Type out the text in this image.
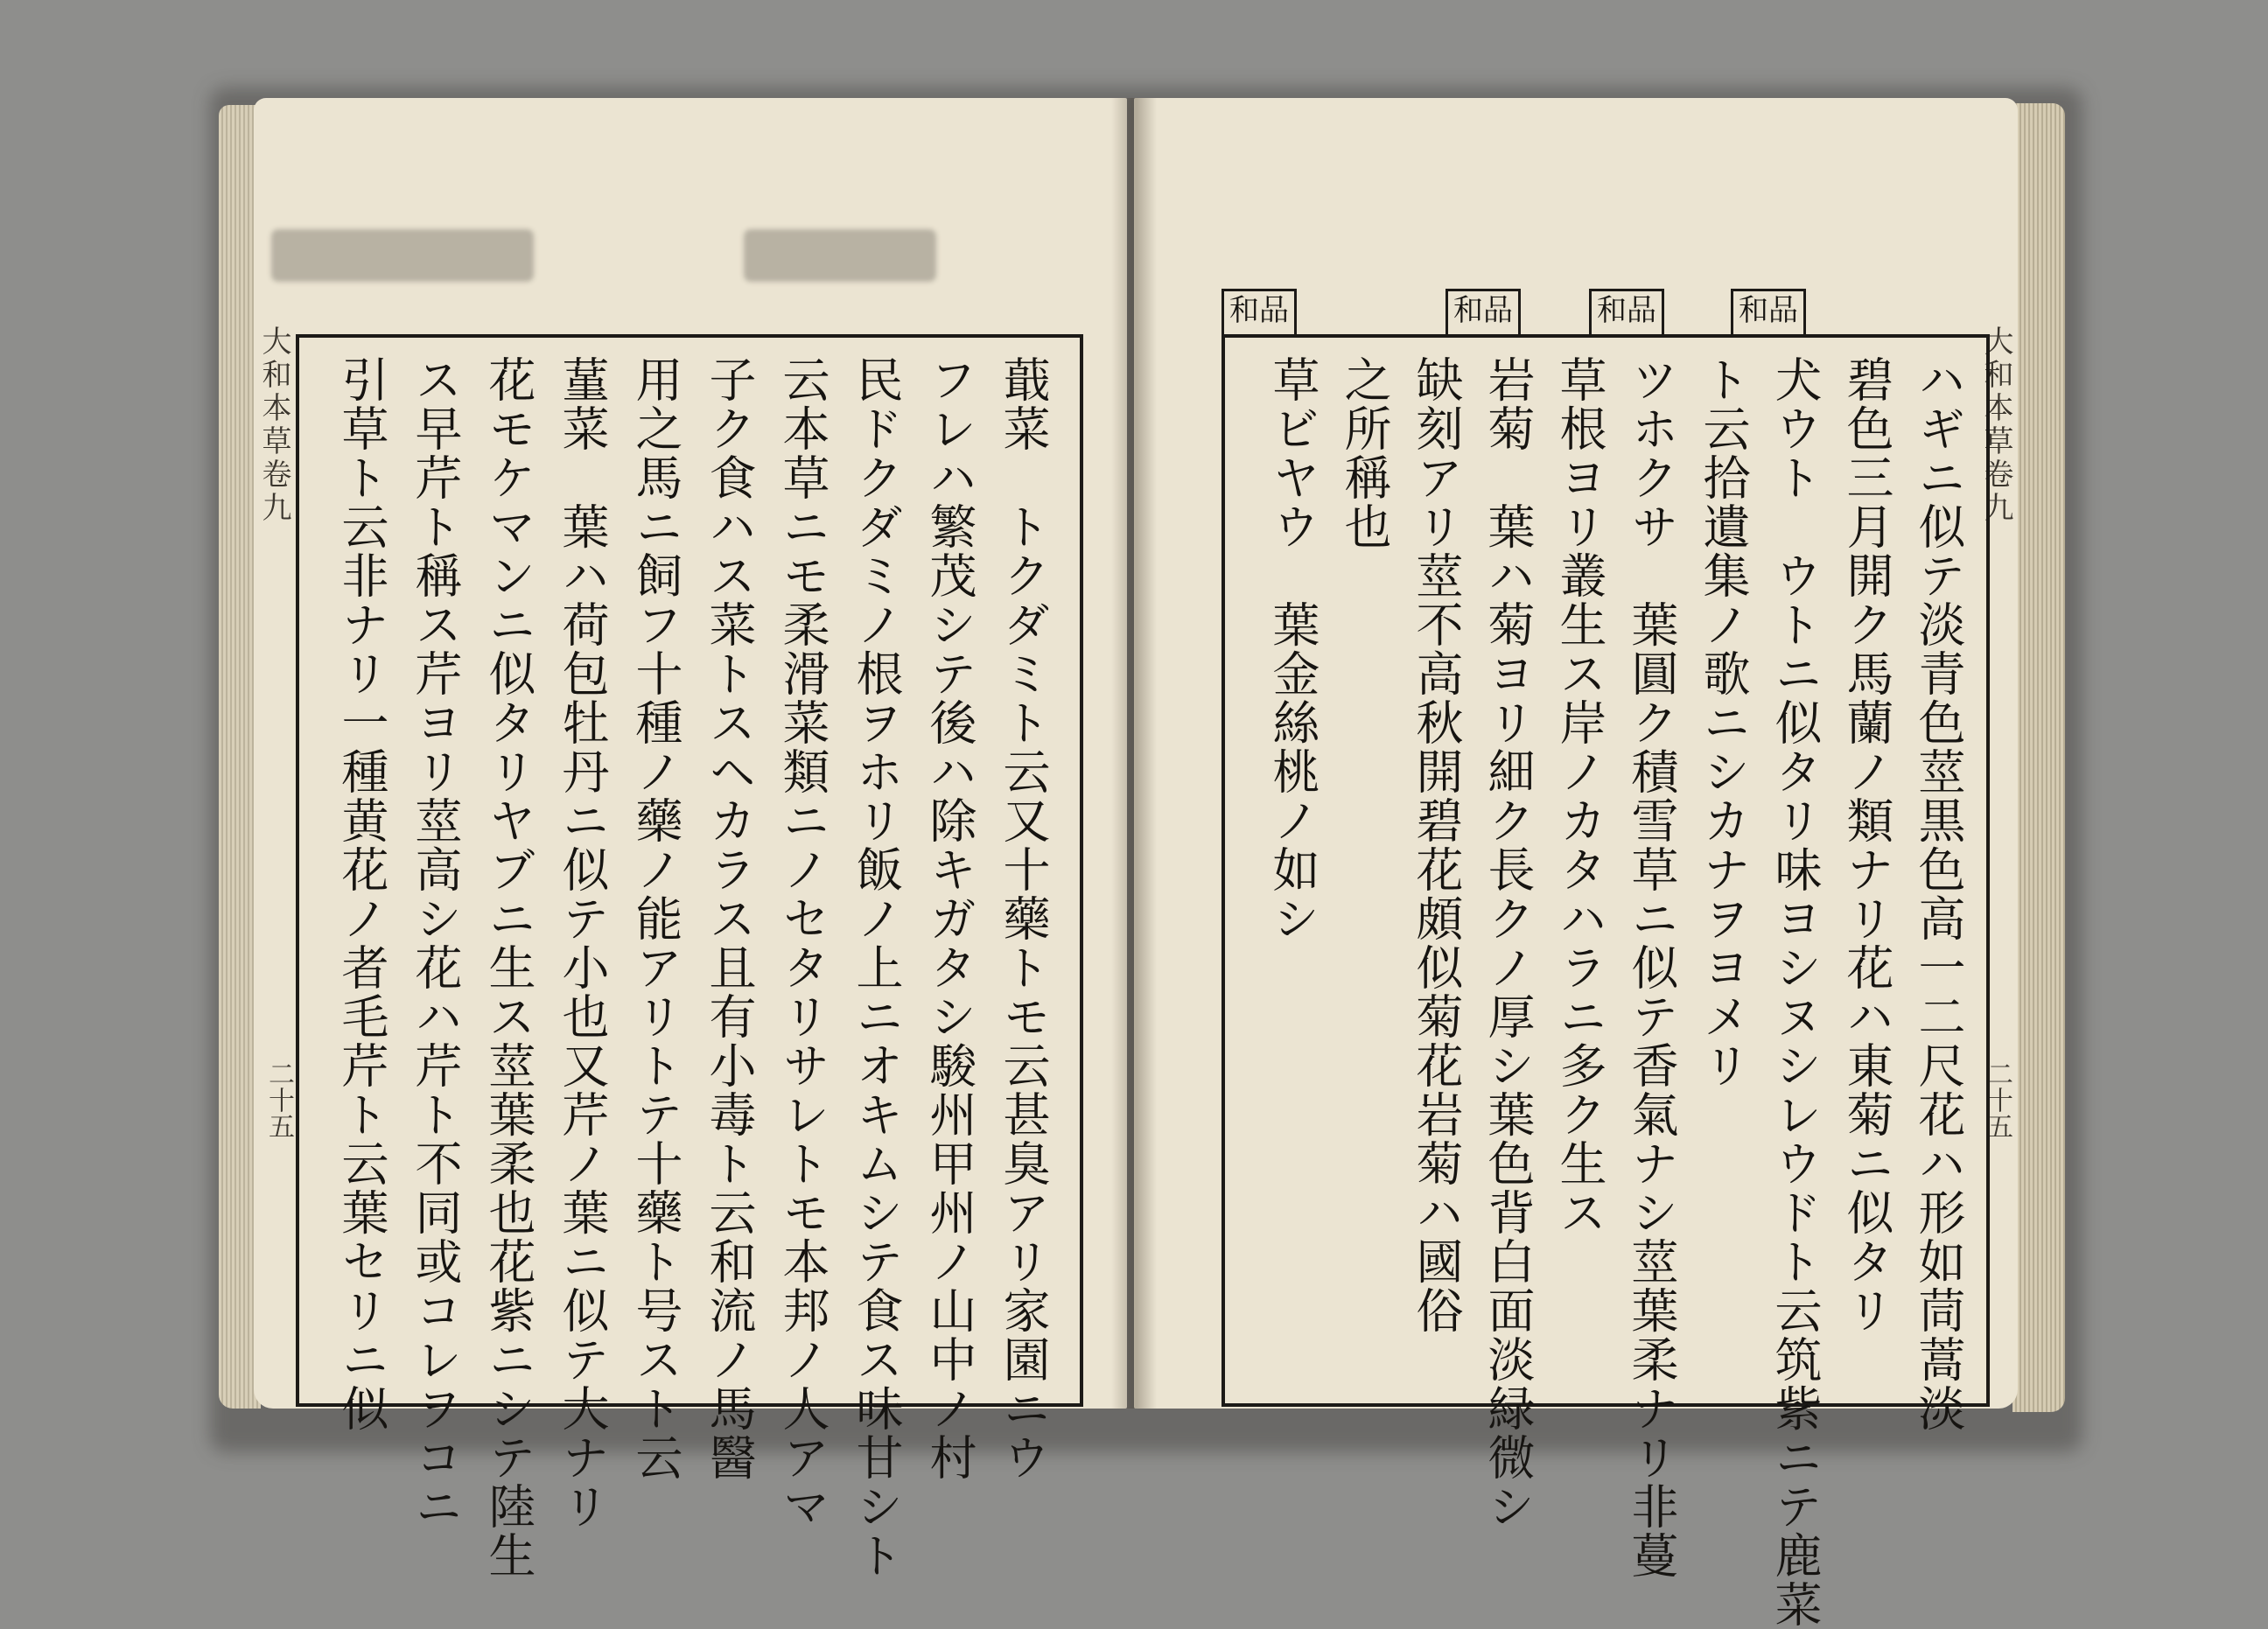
大和本草卷九
二十五	蕺菜　トクダミト云又十藥トモ云甚臭アリ家園ニウ
フレハ繁茂シテ後ハ除キガタシ駿州甲州ノ山中ノ村
民ドクダミノ根ヲホリ飯ノ上ニオキムシテ食ス味甘シト
云本草ニモ柔滑菜類ニノセタリサレトモ本邦ノ人アマ
子ク食ハス菜トスヘカラス且有小毒ト云和流ノ馬醫
用之馬ニ飼フ十種ノ藥ノ能アリトテ十藥ト号スト云
蓳菜　葉ハ荷包牡丹ニ似テ小也又芹ノ葉ニ似テ大ナリ
花モケマンニ似タリヤブニ生ス莖葉柔也花紫ニシテ陸生
ス早芹ト稱ス芹ヨリ莖高シ花ハ芹ト不同或コレヲコニ
引草ト云非ナリ一種黄花ノ者毛芹ト云葉セリニ似	大和本草卷九
二十五
和品
和品
和品
和品
ハギニ似テ淡青色莖黒色高一二尺花ハ形如茼蒿淡
碧色三月開ク馬蘭ノ類ナリ花ハ東菊ニ似タリ
犬ウト　ウトニ似タリ味ヨシヌシレウドト云筑紫ニテ鹿菜
ト云拾遺集ノ歌ニシカナヲヨメリ
ツホクサ　葉圓ク積雪草ニ似テ香氣ナシ莖葉柔ナリ非蔓
草根ヨリ叢生ス岸ノカタハラニ多ク生ス
岩菊　葉ハ菊ヨリ細ク長クノ厚シ葉色背白面淡緑微シ
缺刻アリ莖不高秋開碧花頗似菊花岩菊ハ國俗
之所稱也
草ビヤウ　葉金絲桃ノ如シ
